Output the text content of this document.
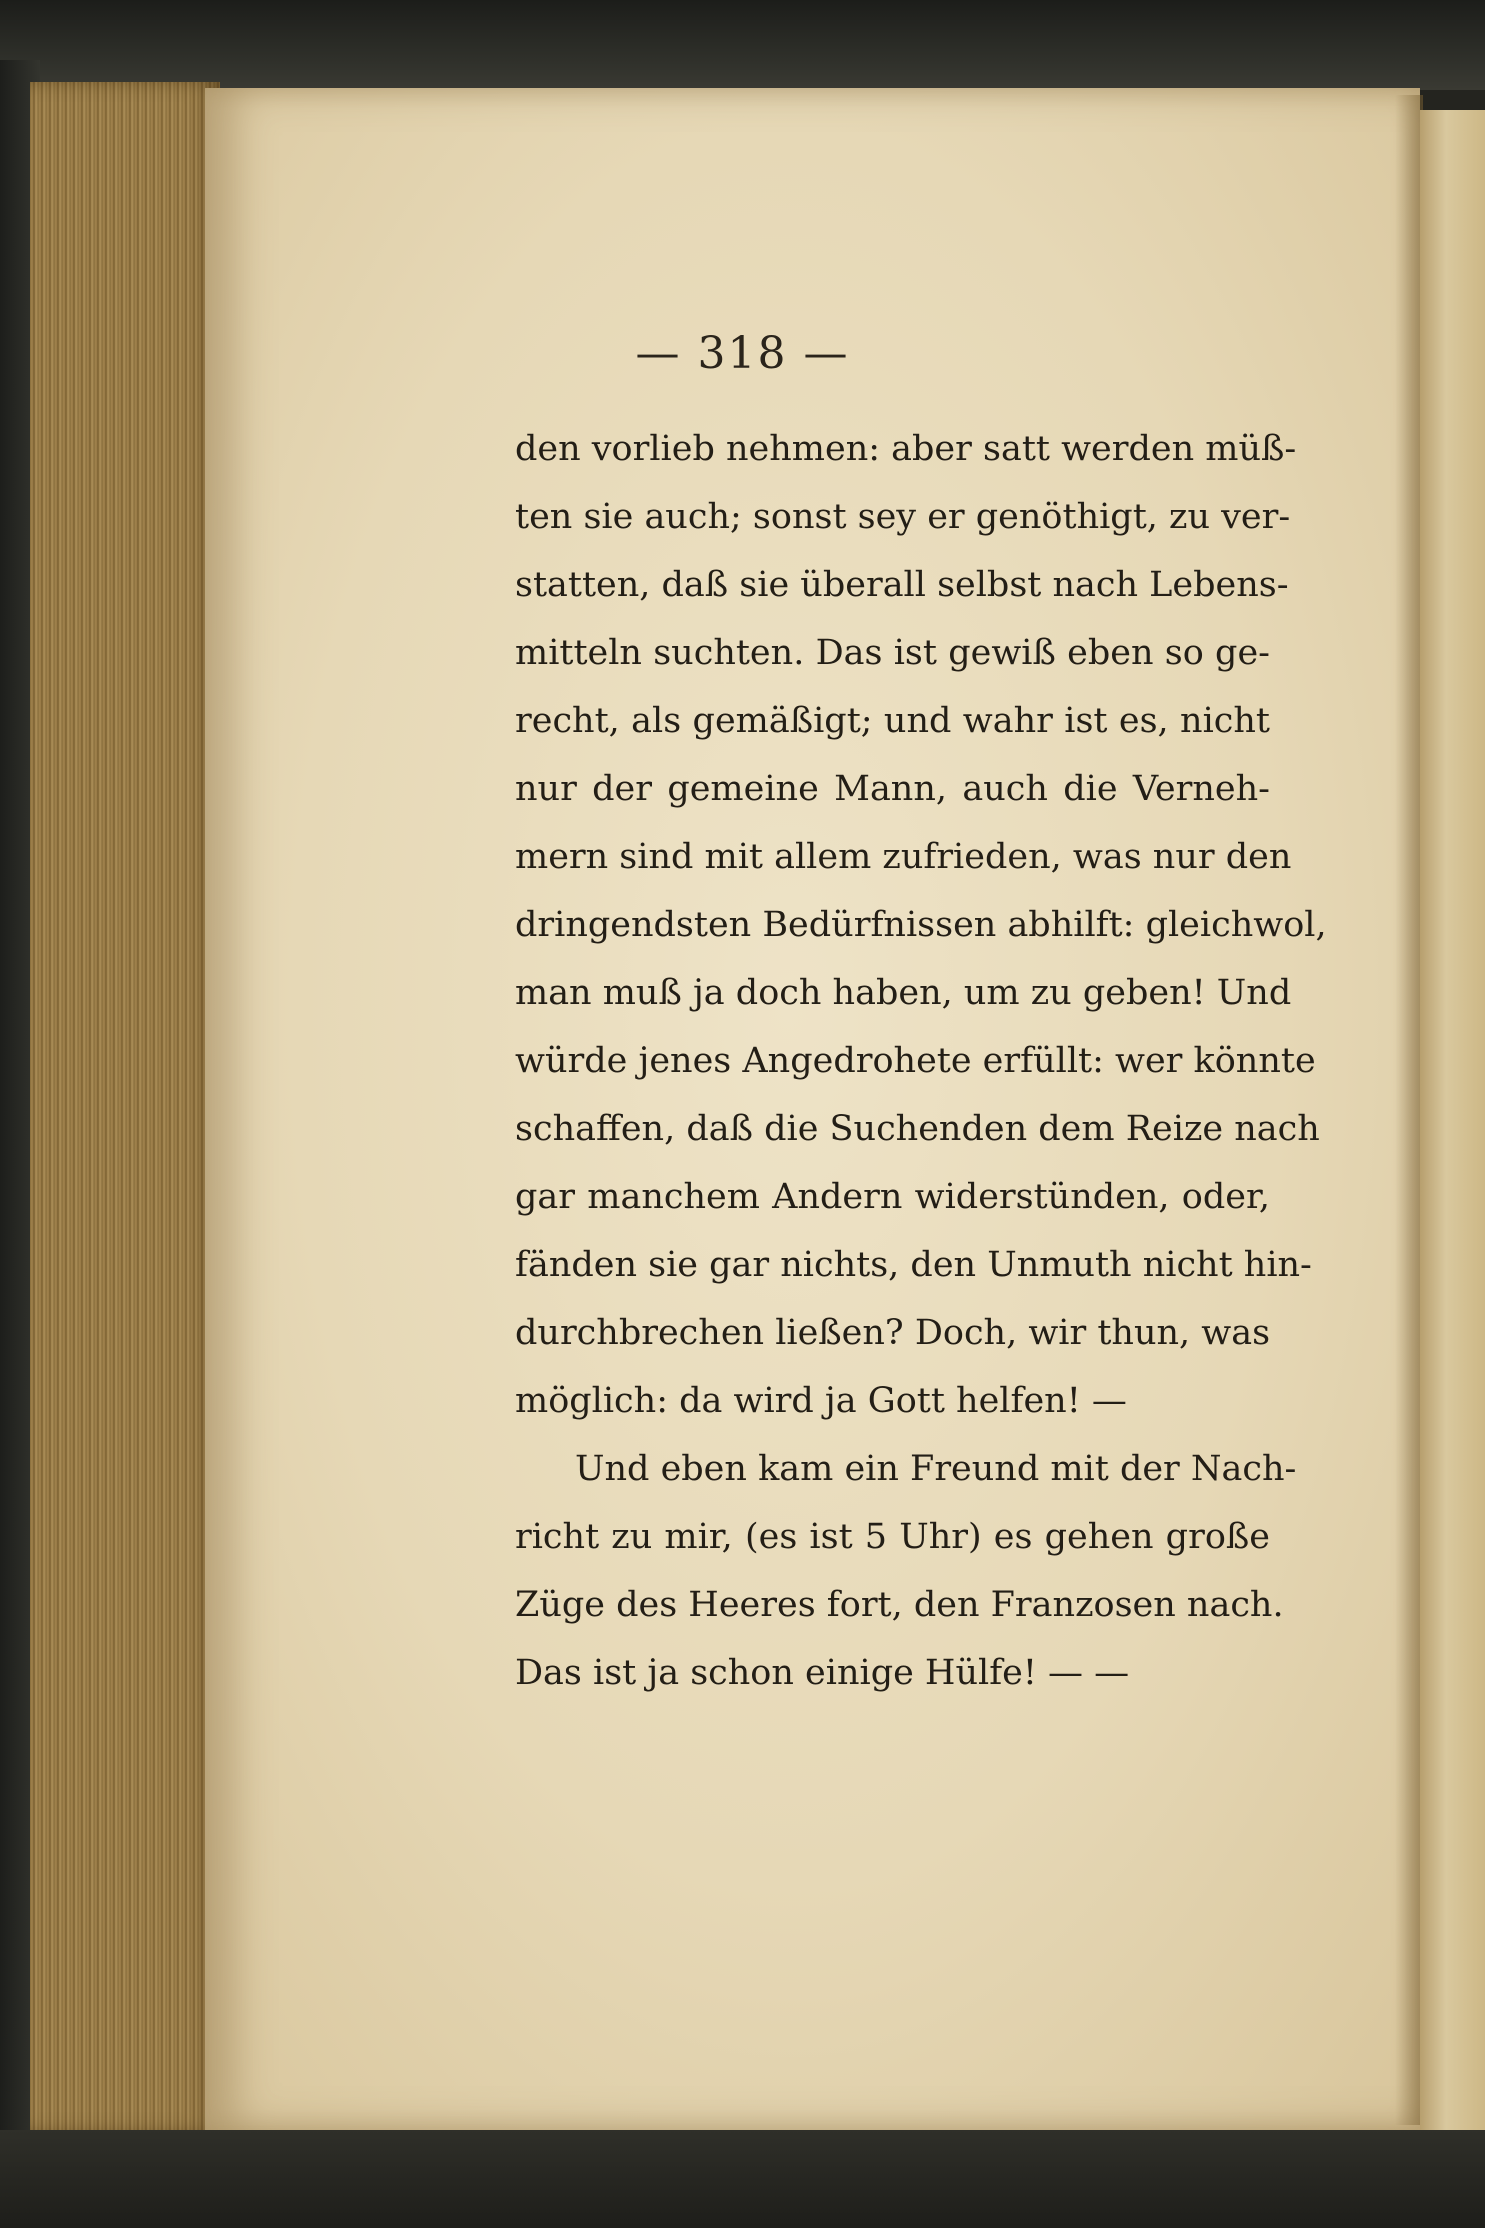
— 318 —
den vorlieb nehmen: aber satt werden müß-
ten sie auch; sonst sey er genöthigt, zu ver-
statten, daß sie überall selbst nach Lebens-
mitteln suchten. Das ist gewiß eben so ge-
recht, als gemäßigt; und wahr ist es, nicht
nur der gemeine Mann, auch die Verneh-
mern sind mit allem zufrieden, was nur den
dringendsten Bedürfnissen abhilft: gleichwol,
man muß ja doch haben, um zu geben! Und
würde jenes Angedrohete erfüllt: wer könnte
schaffen, daß die Suchenden dem Reize nach
gar manchem Andern widerstünden, oder,
fänden sie gar nichts, den Unmuth nicht hin-
durchbrechen ließen? Doch, wir thun, was
möglich: da wird ja Gott helfen! —
Und eben kam ein Freund mit der Nach-
richt zu mir, (es ist 5 Uhr) es gehen große
Züge des Heeres fort, den Franzosen nach.
Das ist ja schon einige Hülfe! — —
